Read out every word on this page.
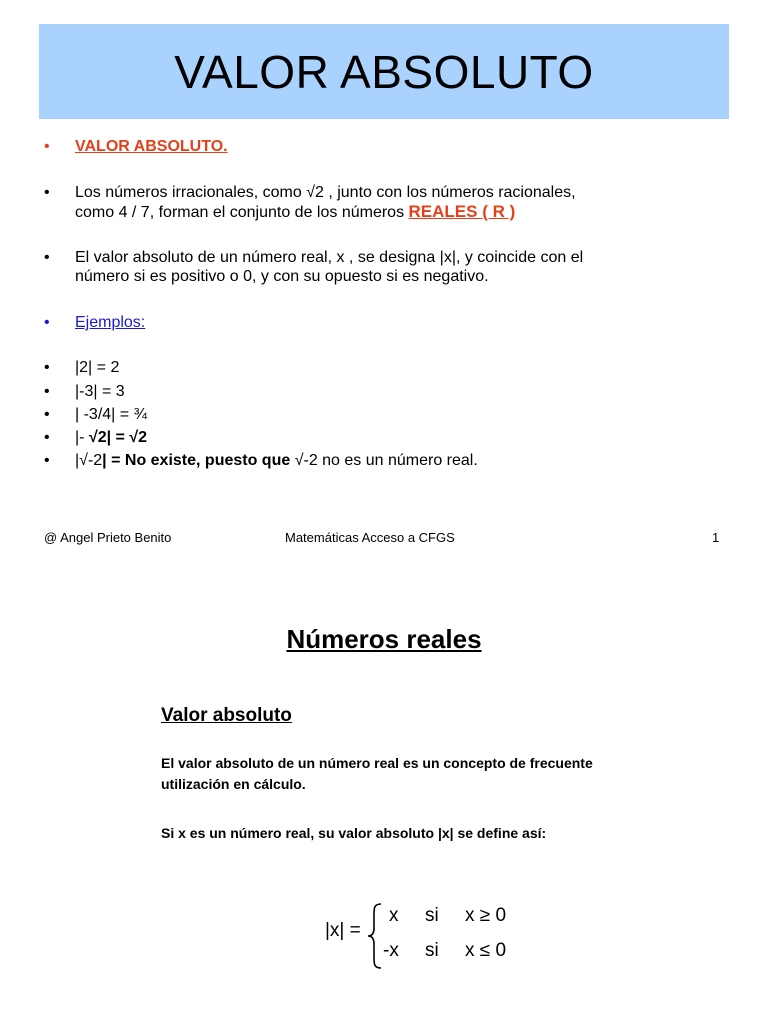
VALOR ABSOLUTO
• VALOR ABSOLUTO.
• Los números irracionales, como √2 , junto con los números racionales,
como 4 / 7, forman el conjunto de los números REALES ( R )
• El valor absoluto de un número real, x , se designa |x|, y coincide con el
número si es positivo o 0, y con su opuesto si es negativo.
• Ejemplos:
• |2| = 2
• |-3| = 3
• | -3/4| = ¾
• |- √2| = √2
• |√-2| = No existe, puesto que √-2 no es un número real.
@ Angel Prieto Benito	Matemáticas Acceso a CFGS	1
Números reales
Valor absoluto
El valor absoluto de un número real es un concepto de frecuente
utilización en cálculo.
Si x es un número real, su valor absoluto |x| se define así:
|x| =
x si x ≥ 0
-x si x ≤ 0
